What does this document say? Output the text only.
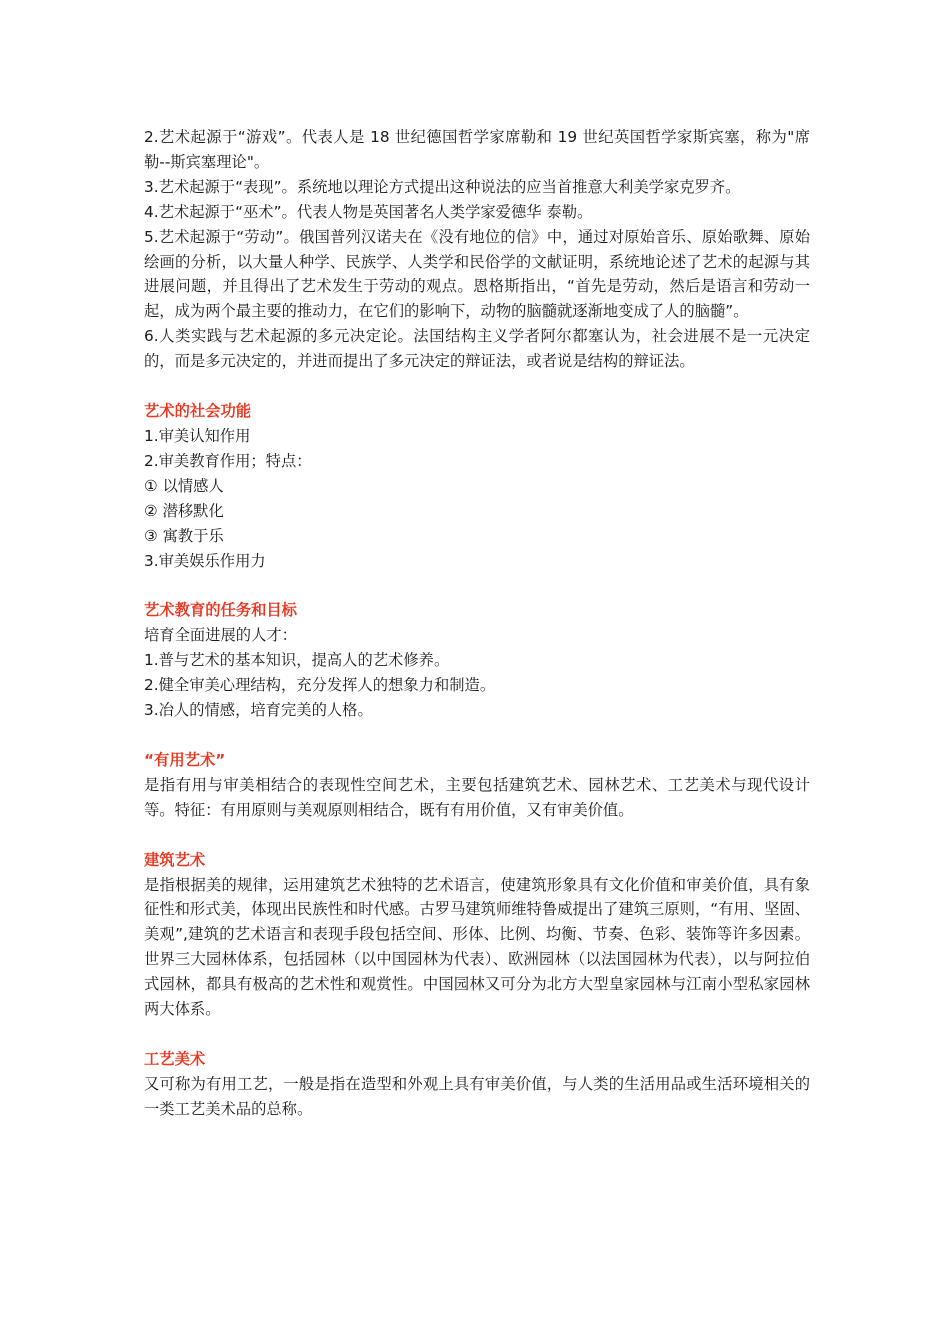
2.艺术起源于“游戏”。代表人是 18 世纪德国哲学家席勒和 19 世纪英国哲学家斯宾塞，称为"席勒--斯宾塞理论"。

3.艺术起源于“表现”。系统地以理论方式提出这种说法的应当首推意大利美学家克罗齐。

4.艺术起源于“巫术”。代表人物是英国著名人类学家爱德华 泰勒。

5.艺术起源于“劳动”。俄国普列汉诺夫在《没有地位的信》中，通过对原始音乐、原始歌舞、原始绘画的分析，以大量人种学、民族学、人类学和民俗学的文献证明，系统地论述了艺术的起源与其进展问题，并且得出了艺术发生于劳动的观点。恩格斯指出，“首先是劳动，然后是语言和劳动一起，成为两个最主要的推动力，在它们的影响下，动物的脑髓就逐渐地变成了人的脑髓”。

6.人类实践与艺术起源的多元决定论。法国结构主义学者阿尔都塞认为，社会进展不是一元决定的，而是多元决定的，并进而提出了多元决定的辩证法，或者说是结构的辩证法。

艺术的社会功能

1.审美认知作用

2.审美教育作用；特点：

① 以情感人

② 潜移默化

③ 寓教于乐

3.审美娱乐作用力

艺术教育的任务和目标

培育全面进展的人才：

1.普与艺术的基本知识，提高人的艺术修养。

2.健全审美心理结构，充分发挥人的想象力和制造。

3.冶人的情感，培育完美的人格。

“有用艺术”

是指有用与审美相结合的表现性空间艺术，主要包括建筑艺术、园林艺术、工艺美术与现代设计等。特征：有用原则与美观原则相结合，既有有用价值，又有审美价值。

建筑艺术

是指根据美的规律，运用建筑艺术独特的艺术语言，使建筑形象具有文化价值和审美价值，具有象征性和形式美，体现出民族性和时代感。古罗马建筑师维特鲁威提出了建筑三原则，“有用、坚固、美观”,建筑的艺术语言和表现手段包括空间、形体、比例、均衡、节奏、色彩、装饰等许多因素。世界三大园林体系，包括园林（以中国园林为代表）、欧洲园林（以法国园林为代表），以与阿拉伯式园林，都具有极高的艺术性和观赏性。中国园林又可分为北方大型皇家园林与江南小型私家园林两大体系。

工艺美术

又可称为有用工艺，一般是指在造型和外观上具有审美价值，与人类的生活用品或生活环境相关的一类工艺美术品的总称。
